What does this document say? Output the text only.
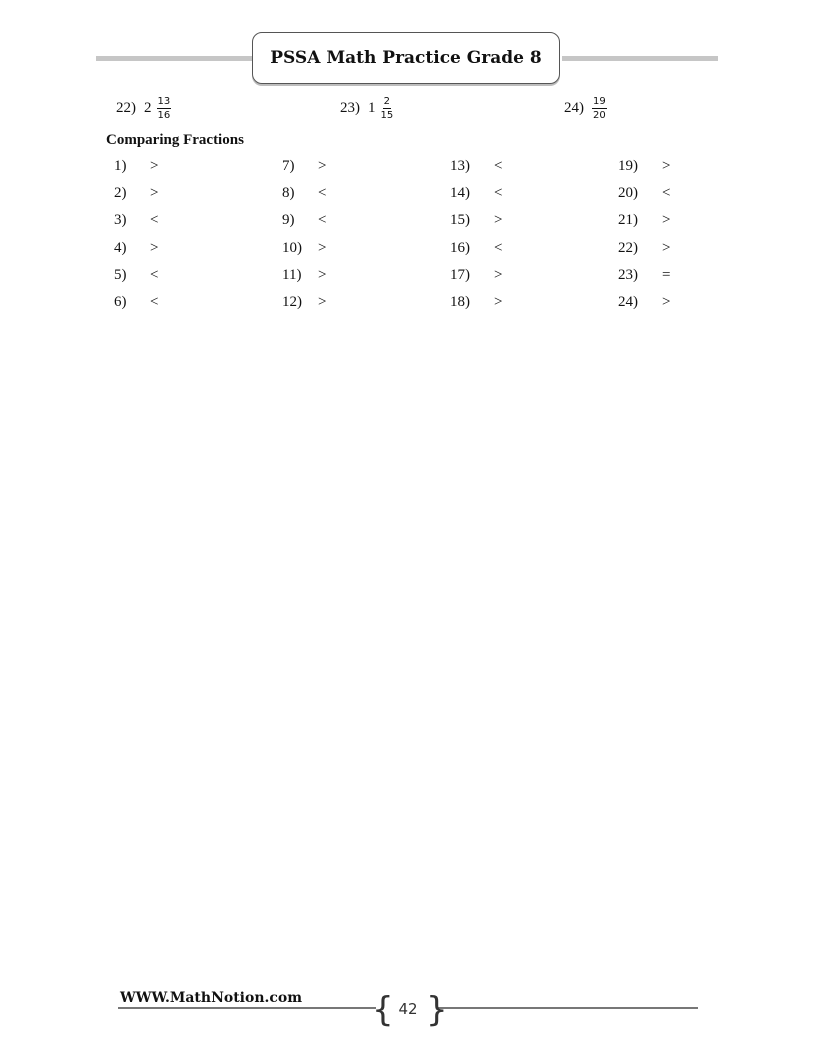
PSSA Math Practice Grade 8
22) $2 \frac{13}{16}$	23) $1 \frac{2}{15}$	$24) \frac{19}{20}$
Comparing Fractions
1) >
2) >
3) <
4) >
5) <
6) <
7) >
8) <
9) <
10) >
11) >
12) >
13) <
14) <
15) >
16) <
17) >
18) >
19) >
20) <
21) >
22) >
23) =
24) >
WWW.MathNotion.com { }
42
